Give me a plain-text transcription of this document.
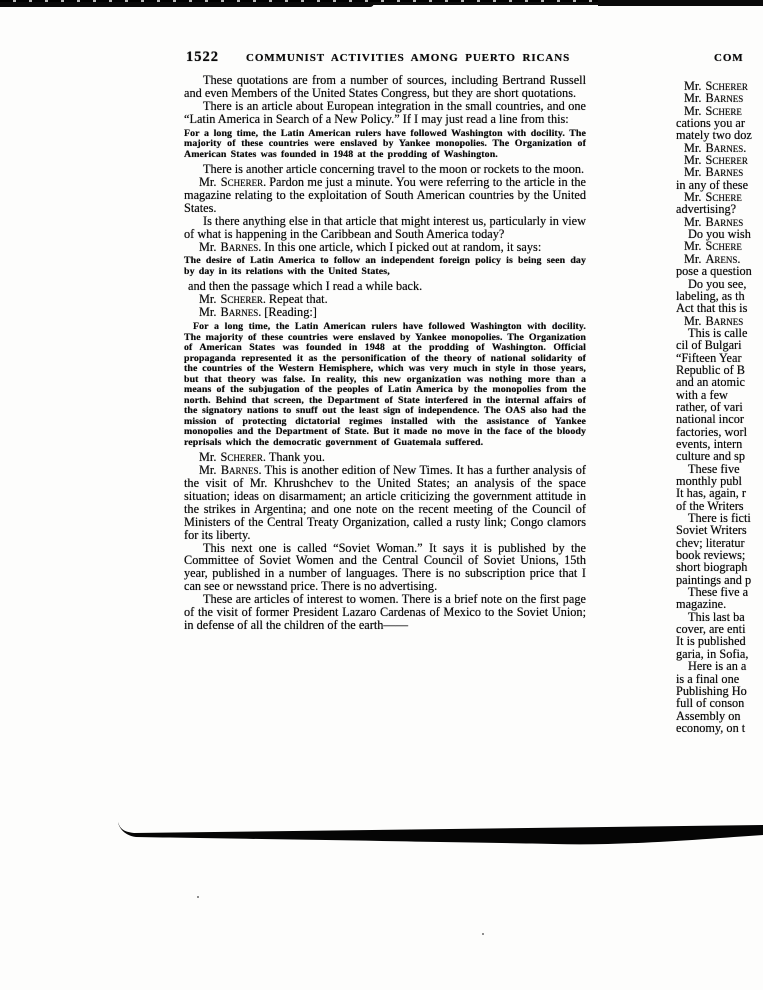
1522 COMMUNIST ACTIVITIES AMONG PUERTO RICANS	COM

These quotations are from a number of sources, including Bertrand Russell and even Members of the United States Congress, but they are short quotations.

There is an article about European integration in the small countries, and one “Latin America in Search of a New Policy.” If I may just read a line from this:

For a long time, the Latin American rulers have followed Washington with docility. The majority of these countries were enslaved by Yankee monopolies. The Organization of American States was founded in 1948 at the prodding of Washington.

There is another article concerning travel to the moon or rockets to the moon.

Mr. Scherer. Pardon me just a minute. You were referring to the article in the magazine relating to the exploitation of South American countries by the United States.

Is there anything else in that article that might interest us, particularly in view of what is happening in the Caribbean and South America today?

Mr. Barnes. In this one article, which I picked out at random, it says:

The desire of Latin America to follow an independent foreign policy is being seen day by day in its relations with the United States,

and then the passage which I read a while back.

Mr. Scherer. Repeat that.

Mr. Barnes. [Reading:]

For a long time, the Latin American rulers have followed Washington with docility. The majority of these countries were enslaved by Yankee monopolies. The Organization of American States was founded in 1948 at the prodding of Washington. Official propaganda represented it as the personification of the theory of national solidarity of the countries of the Western Hemisphere, which was very much in style in those years, but that theory was false. In reality, this new organization was nothing more than a means of the subjugation of the peoples of Latin America by the monopolies from the north. Behind that screen, the Department of State interfered in the internal affairs of the signatory nations to snuff out the least sign of independence. The OAS also had the mission of protecting dictatorial regimes installed with the assistance of Yankee monopolies and the Department of State. But it made no move in the face of the bloody reprisals which the democratic government of Guatemala suffered.

Mr. Scherer. Thank you.

Mr. Barnes. This is another edition of New Times. It has a further analysis of the visit of Mr. Khrushchev to the United States; an analysis of the space situation; ideas on disarmament; an article criticizing the government attitude in the strikes in Argentina; and one note on the recent meeting of the Council of Ministers of the Central Treaty Organization, called a rusty link; Congo clamors for its liberty.

This next one is called “Soviet Woman.” It says it is published by the Committee of Soviet Women and the Central Council of Soviet Unions, 15th year, published in a number of languages. There is no subscription price that I can see or newsstand price. There is no advertising.

These are articles of interest to women. There is a brief note on the first page of the visit of former President Lazaro Cardenas of Mexico to the Soviet Union; in defense of all the children of the earth——

Mr. Scherer
Mr. Barnes
Mr. Schere
cations you ar
mately two doz
Mr. Barnes.
Mr. Scherer
Mr. Barnes
in any of these
Mr. Schere
advertising?
Mr. Barnes
Do you wish
Mr. Schere
Mr. Arens.
pose a question
Do you see,
labeling, as th
Act that this is
Mr. Barnes
This is calle
cil of Bulgari
“Fifteen Year
Republic of B
and an atomic
with a few
rather, of vari
national incor
factories, worl
events, intern
culture and sp
These five
monthly publ
It has, again, r
of the Writers
There is ficti
Soviet Writers
chev; literatur
book reviews;
short biograph
paintings and p
These five a
magazine.
This last ba
cover, are enti
It is published
garia, in Sofia,
Here is an a
is a final one
Publishing Ho
full of conson
Assembly on
economy, on t
